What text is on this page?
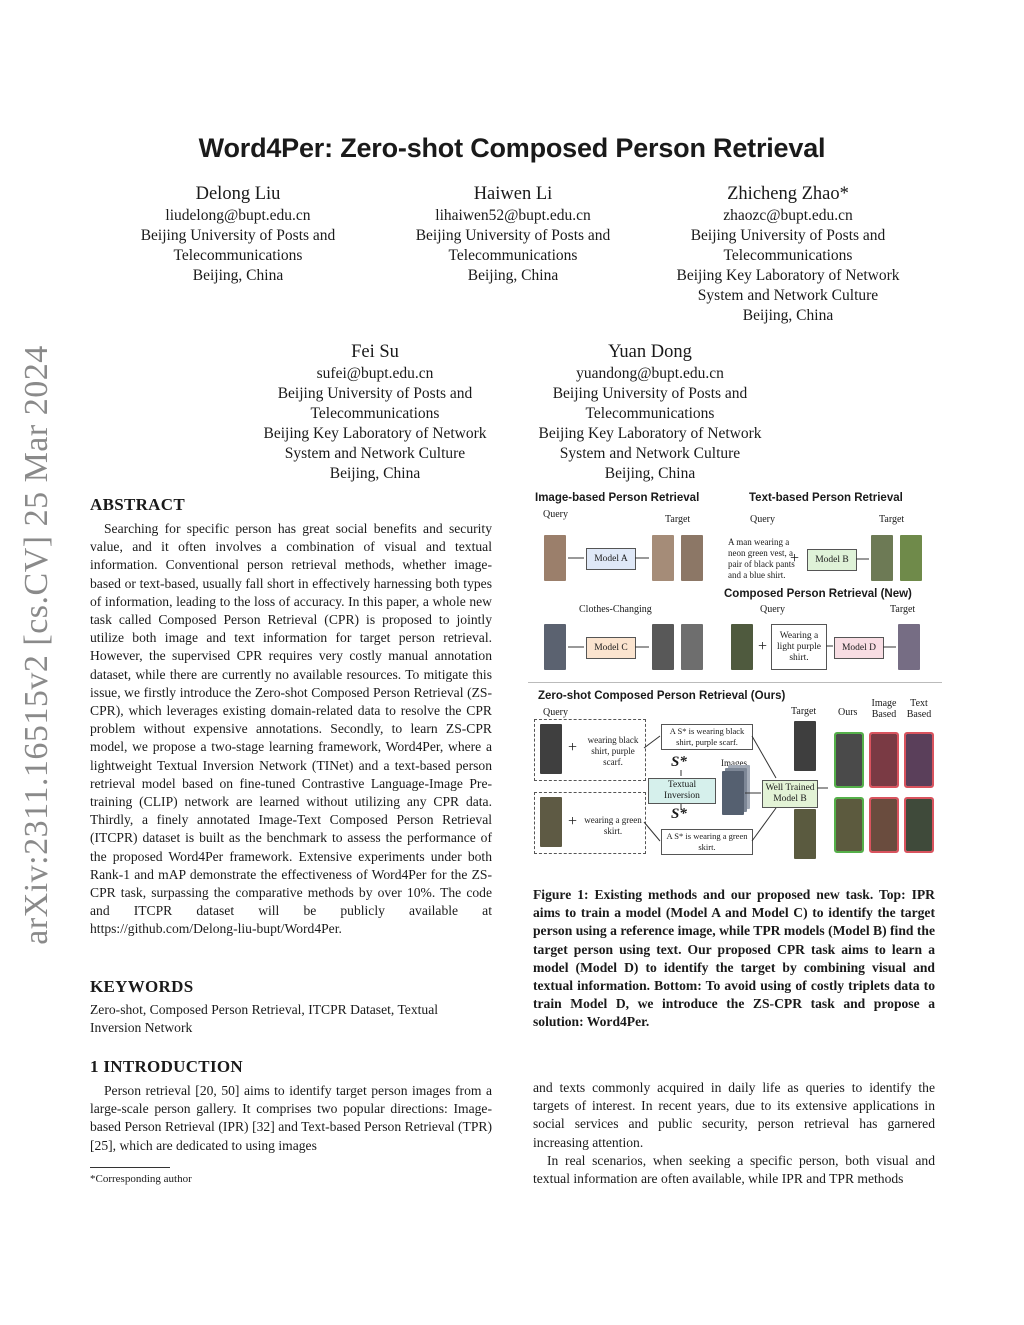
arXiv:2311.16515v2 [cs.CV] 25 Mar 2024
Word4Per: Zero-shot Composed Person Retrieval
Delong Liu
liudelong@bupt.edu.cn
Beijing University of Posts and
Telecommunications
Beijing, China
Haiwen Li
lihaiwen52@bupt.edu.cn
Beijing University of Posts and
Telecommunications
Beijing, China
Zhicheng Zhao*
zhaozc@bupt.edu.cn
Beijing University of Posts and
Telecommunications
Beijing Key Laboratory of Network
System and Network Culture
Beijing, China
Fei Su
sufei@bupt.edu.cn
Beijing University of Posts and
Telecommunications
Beijing Key Laboratory of Network
System and Network Culture
Beijing, China
Yuan Dong
yuandong@bupt.edu.cn
Beijing University of Posts and
Telecommunications
Beijing Key Laboratory of Network
System and Network Culture
Beijing, China
ABSTRACT

Searching for specific person has great social benefits and security value, and it often involves a combination of visual and textual information. Conventional person retrieval methods, whether image-based or text-based, usually fall short in effectively harnessing both types of information, leading to the loss of accuracy. In this paper, a whole new task called Composed Person Retrieval (CPR) is proposed to jointly utilize both image and text information for target person retrieval. However, the supervised CPR requires very costly manual annotation dataset, while there are currently no available resources. To mitigate this issue, we firstly introduce the Zero-shot Composed Person Retrieval (ZS-CPR), which leverages existing domain-related data to resolve the CPR problem without expensive annotations. Secondly, to learn ZS-CPR model, we propose a two-stage learning framework, Word4Per, where a lightweight Textual Inversion Network (TINet) and a text-based person retrieval model based on fine-tuned Contrastive Language-Image Pre-training (CLIP) network are learned without utilizing any CPR data. Thirdly, a finely annotated Image-Text Composed Person Retrieval (ITCPR) dataset is built as the benchmark to assess the performance of the proposed Word4Per framework. Extensive experiments under both Rank-1 and mAP demonstrate the effectiveness of Word4Per for the ZS-CPR task, surpassing the comparative methods by over 10%. The code and ITCPR dataset will be publicly available at https://github.com/Delong-liu-bupt/Word4Per.

KEYWORDS
Zero-shot, Composed Person Retrieval, ITCPR Dataset, Textual Inversion Network
1 INTRODUCTION

Person retrieval [20, 50] aims to identify target person images from a large-scale person gallery. It comprises two popular directions: Image-based Person Retrieval (IPR) [32] and Text-based Person Retrieval (TPR) [25], which are dedicated to using images

and texts commonly acquired in daily life as queries to identify the targets of interest. In recent years, due to its extensive applications in social services and public security, person retrieval has garnered increasing attention.

In real scenarios, when seeking a specific person, both visual and textual information are often available, while IPR and TPR methods

*Corresponding author
Image-based Person Retrieval	Text-based Person Retrieval
Query	Target
Model A
Query	Target
A man wearing a neon green vest, a pair of black pants and a blue shirt.
+	Model B
Clothes-Changing
Composed Person Retrieval (New)
Query	Target
Model C	+
Wearing a light purple shirt.
Model D
Zero-shot Composed Person Retrieval (Ours)
Query	Target Ours
Image Based
Text Based
+	wearing black shirt, purple scarf.
+ wearing a green skirt.
A S* is wearing black shirt, purple scarf.
S*
Textual Inversion
S*
A S* is wearing a green skirt.
Images
Well Trained Model B
Figure 1: Existing methods and our proposed new task. Top: IPR aims to train a model (Model A and Model C) to identify the target person using a reference image, while TPR models (Model B) find the target person using text. Our proposed CPR task aims to learn a model (Model D) to identify the target by combining visual and textual information. Bottom: To avoid using of costly triplets data to train Model D, we introduce the ZS-CPR task and propose a solution: Word4Per.
